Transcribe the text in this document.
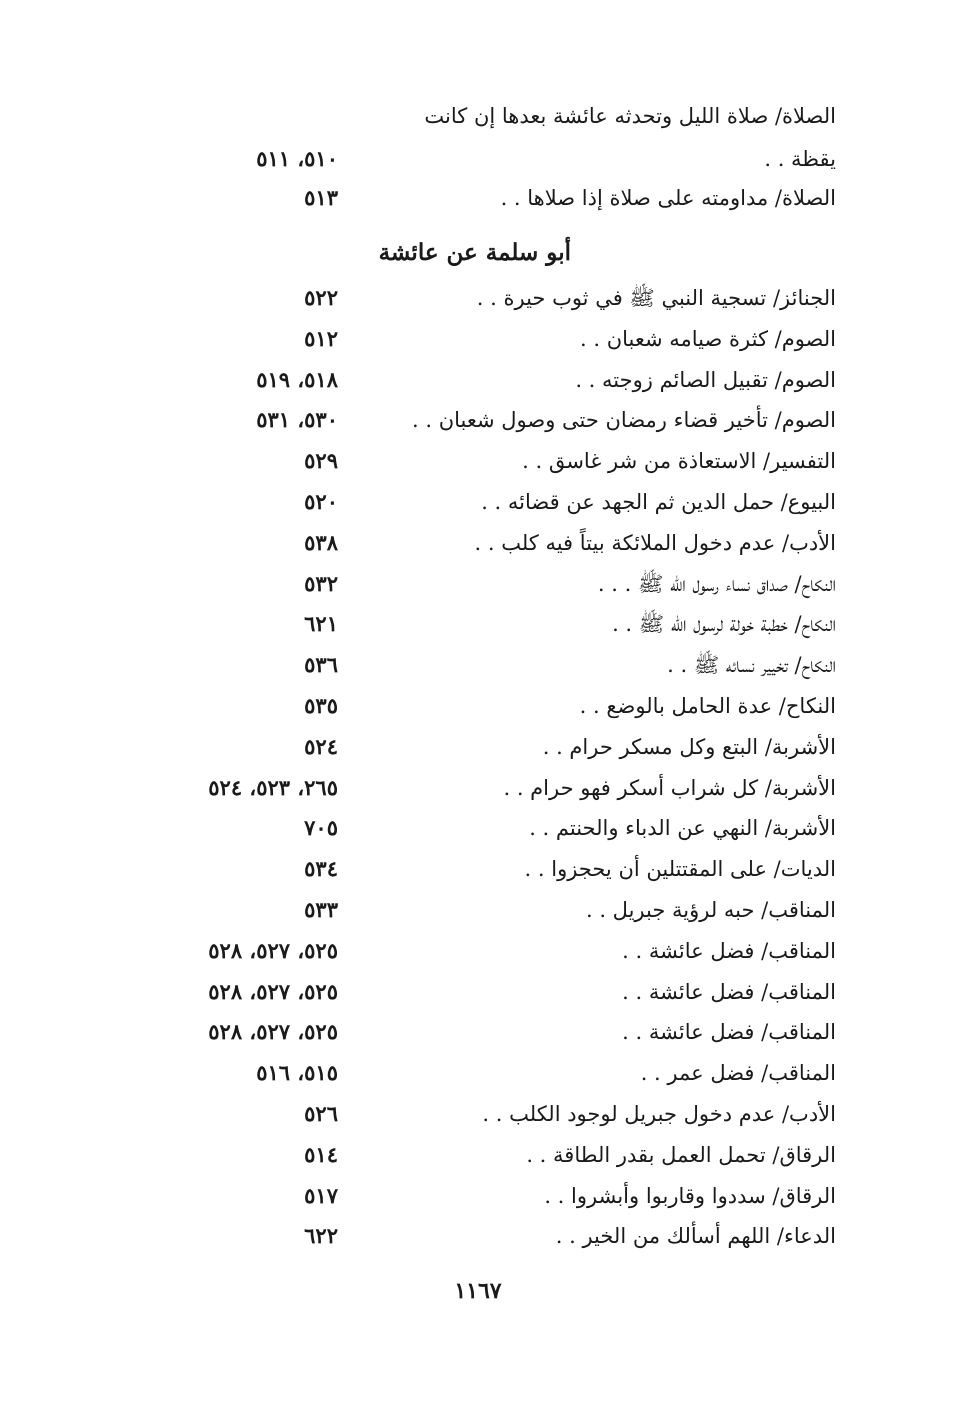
الصلاة/ صلاة الليل وتحدثه عائشة بعدها إن كانت
يقظة . .
٥١٠، ٥١١
الصلاة/ مداومته على صلاة إذا صلاها . .
٥١٣
أبو سلمة عن عائشة
الجنائز/ تسجية النبي ﷺ في ثوب حيرة . .
٥٢٢
الصوم/ كثرة صيامه شعبان . .
٥١٢
الصوم/ تقبيل الصائم زوجته . .
٥١٨، ٥١٩
الصوم/ تأخير قضاء رمضان حتى وصول شعبان . .
٥٣٠، ٥٣١
التفسير/ الاستعاذة من شر غاسق . .
٥٢٩
البيوع/ حمل الدين ثم الجهد عن قضائه . .
٥٢٠
الأدب/ عدم دخول الملائكة بيتاً فيه كلب . .
٥٣٨
النكاح/ صداق نساء رسول الله ﷺ . . .
٥٣٢
النكاح/ خطبة خولة لرسول الله ﷺ . .
٦٢١
النكاح/ تخيير نسائه ﷺ . .
٥٣٦
النكاح/ عدة الحامل بالوضع . .
٥٣٥
الأشربة/ البتع وكل مسكر حرام . .
٥٢٤
الأشربة/ كل شراب أسكر فهو حرام . .
٢٦٥، ٥٢٣، ٥٢٤
الأشربة/ النهي عن الدباء والحنتم . .
٧٠٥
الديات/ على المقتتلين أن يحجزوا . .
٥٣٤
المناقب/ حبه لرؤية جبريل . .
٥٣٣
المناقب/ فضل عائشة . .
٥٢٥، ٥٢٧، ٥٢٨
المناقب/ فضل عائشة . .
٥٢٥، ٥٢٧، ٥٢٨
المناقب/ فضل عائشة . .
٥٢٥، ٥٢٧، ٥٢٨
المناقب/ فضل عمر . .
٥١٥، ٥١٦
الأدب/ عدم دخول جبريل لوجود الكلب . .
٥٢٦
الرقاق/ تحمل العمل بقدر الطاقة . .
٥١٤
الرقاق/ سددوا وقاربوا وأبشروا . .
٥١٧
الدعاء/ اللهم أسألك من الخير . .
٦٢٢
١١٦٧
